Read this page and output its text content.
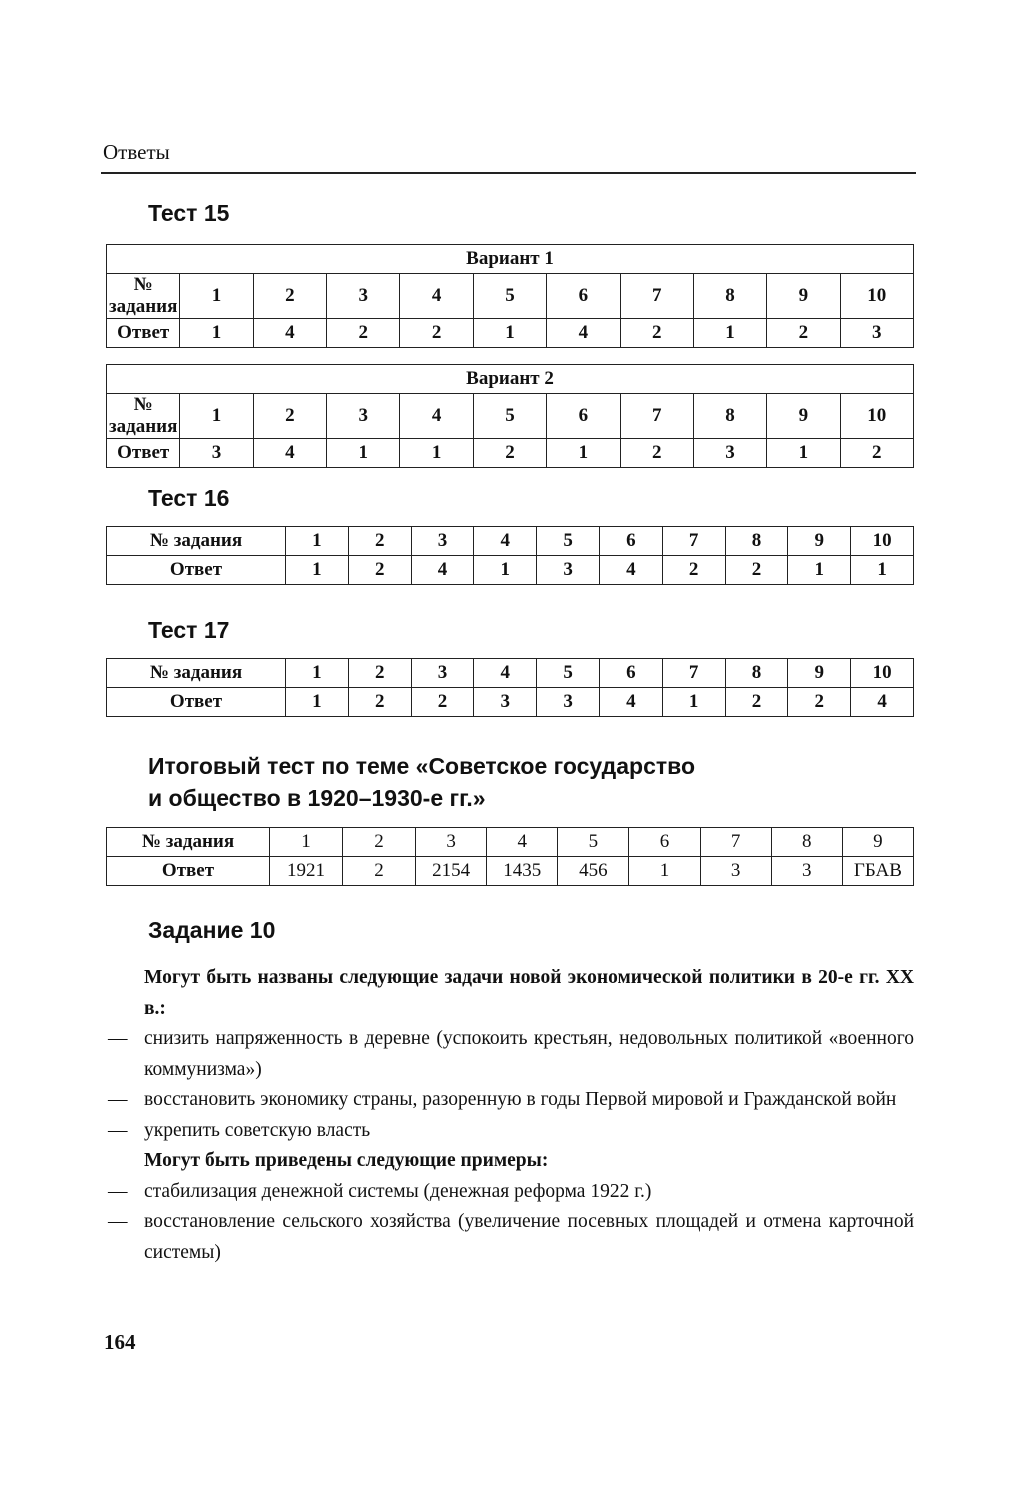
Ответы
Тест 15
Вариант 1										
№ задания	1	2	3	4	5	6	7	8	9	10
Ответ	1	4	2	2	1	4	2	1	2	3
Вариант 2										
№ задания	1	2	3	4	5	6	7	8	9	10
Ответ	3	4	1	1	2	1	2	3	1	2
Тест 16
№ задания	1	2	3	4	5	6	7	8	9	10
Ответ	1	2	4	1	3	4	2	2	1	1
Тест 17
№ задания	1	2	3	4	5	6	7	8	9	10
Ответ	1	2	2	3	3	4	1	2	2	4
Итоговый тест по теме «Советское государство
и общество в 1920–1930-е гг.»
№ задания	1	2	3	4	5	6	7	8	9
Ответ	1921	2	2154	1435	456	1	3	3	ГБАВ
Задание 10
Могут быть названы следующие задачи новой экономической политики в 20-е гг. XX в.:
— снизить напряженность в деревне (успокоить крестьян, недовольных политикой «военного коммунизма»)
— восстановить экономику страны, разоренную в годы Первой мировой и Гражданской войн
— укрепить советскую власть
Могут быть приведены следующие примеры:
— стабилизация денежной системы (денежная реформа 1922 г.)
— восстановление сельского хозяйства (увеличение посевных площадей и отмена карточной системы)
164
